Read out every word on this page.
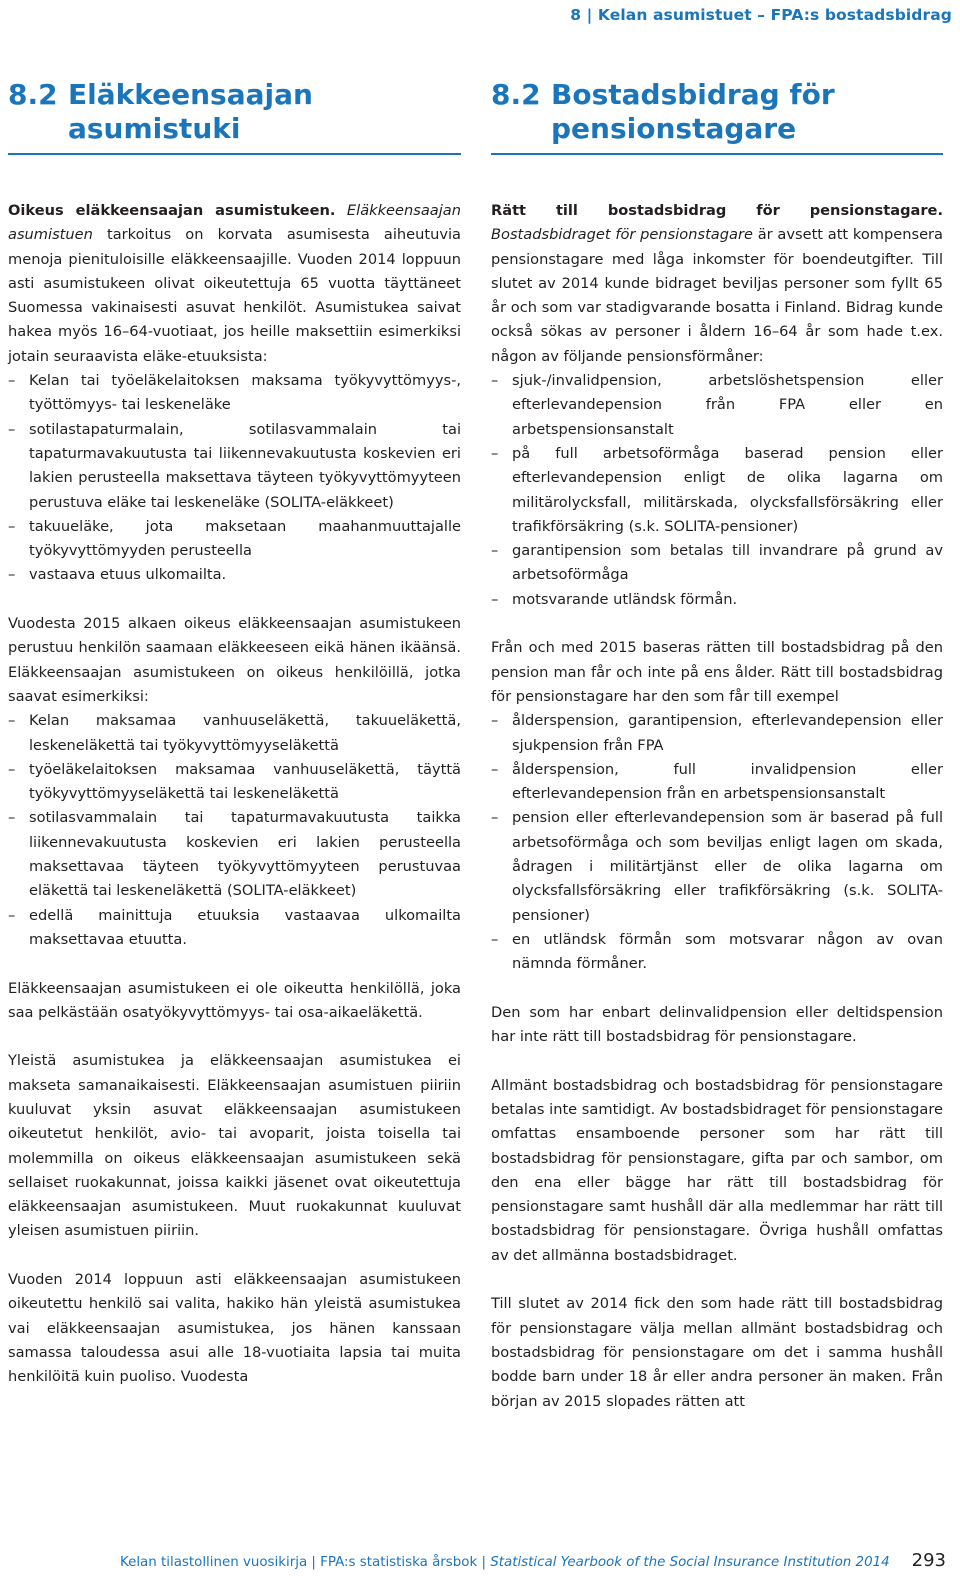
8 | Kelan asumistuet – FPA:s bostadsbidrag
8.2 Eläkkeensaajan asumistuki

Oikeus eläkkeensaajan asumistukeen. Eläkkeensaajan asumistuen tarkoitus on korvata asumisesta aiheutuvia menoja pienituloisille eläkkeensaajille. Vuoden 2014 loppuun asti asumistukeen olivat oikeutettuja 65 vuotta täyttäneet Suomessa vakinaisesti asuvat henkilöt. Asumistukea saivat hakea myös 16–64-vuotiaat, jos heille maksettiin esimerkiksi jotain seuraavista eläke-etuuksista:

– Kelan tai työeläkelaitoksen maksama työkyvyttömyys-, työttömyys- tai leskeneläke
– sotilastapaturmalain, sotilasvammalain tai tapaturmavakuutusta tai liikennevakuutusta koskevien eri lakien perusteella maksettava täyteen työkyvyttömyyteen perustuva eläke tai leskeneläke (SOLITA-eläkkeet)
– takuueläke, jota maksetaan maahanmuuttajalle työkyvyttömyyden perusteella
– vastaava etuus ulkomailta.

Vuodesta 2015 alkaen oikeus eläkkeensaajan asumistukeen perustuu henkilön saamaan eläkkeeseen eikä hänen ikäänsä. Eläkkeensaajan asumistukeen on oikeus henkilöillä, jotka saavat esimerkiksi:

– Kelan maksamaa vanhuuseläkettä, takuueläkettä, leskeneläkettä tai työkyvyttömyyseläkettä
– työeläkelaitoksen maksamaa vanhuuseläkettä, täyttä työkyvyttömyyseläkettä tai leskeneläkettä
– sotilasvammalain tai tapaturmavakuutusta taikka liikennevakuutusta koskevien eri lakien perusteella maksettavaa täyteen työkyvyttömyyteen perustuvaa eläkettä tai leskeneläkettä (SOLITA-eläkkeet)
– edellä mainittuja etuuksia vastaavaa ulkomailta maksettavaa etuutta.

Eläkkeensaajan asumistukeen ei ole oikeutta henkilöllä, joka saa pelkästään osatyökyvyttömyys- tai osa-aikaeläkettä.

Yleistä asumistukea ja eläkkeensaajan asumistukea ei makseta samanaikaisesti. Eläkkeensaajan asumistuen piiriin kuuluvat yksin asuvat eläkkeensaajan asumistukeen oikeutetut henkilöt, avio- tai avoparit, joista toisella tai molemmilla on oikeus eläkkeensaajan asumistukeen sekä sellaiset ruokakunnat, joissa kaikki jäsenet ovat oikeutettuja eläkkeensaajan asumistukeen. Muut ruokakunnat kuuluvat yleisen asumistuen piiriin.

Vuoden 2014 loppuun asti eläkkeensaajan asumistukeen oikeutettu henkilö sai valita, hakiko hän yleistä asumistukea vai eläkkeensaajan asumistukea, jos hänen kanssaan samassa taloudessa asui alle 18-vuotiaita lapsia tai muita henkilöitä kuin puoliso. Vuodesta

8.2 Bostadsbidrag för pensionstagare

Rätt till bostadsbidrag för pensionstagare. Bostadsbidraget för pensionstagare är avsett att kompensera pensionstagare med låga inkomster för boendeutgifter. Till slutet av 2014 kunde bidraget beviljas personer som fyllt 65 år och som var stadigvarande bosatta i Finland. Bidrag kunde också sökas av personer i åldern 16–64 år som hade t.ex. någon av följande pensionsförmåner:

– sjuk-/invalidpension, arbetslöshetspension eller efterlevandepension från FPA eller en arbetspensionsanstalt
– på full arbetsoförmåga baserad pension eller efterlevandepension enligt de olika lagarna om militärolycksfall, militärskada, olycksfallsförsäkring eller trafikförsäkring (s.k. SOLITA-pensioner)
– garantipension som betalas till invandrare på grund av arbetsoförmåga
– motsvarande utländsk förmån.

Från och med 2015 baseras rätten till bostadsbidrag på den pension man får och inte på ens ålder. Rätt till bostadsbidrag för pensionstagare har den som får till exempel

– ålderspension, garantipension, efterlevandepension eller sjukpension från FPA
– ålderspension, full invalidpension eller efterlevandepension från en arbetspensionsanstalt
– pension eller efterlevandepension som är baserad på full arbetsoförmåga och som beviljas enligt lagen om skada, ådragen i militärtjänst eller de olika lagarna om olycksfallsförsäkring eller trafikförsäkring (s.k. SOLITA-pensioner)
– en utländsk förmån som motsvarar någon av ovan nämnda förmåner.

Den som har enbart delinvalidpension eller deltidspension har inte rätt till bostadsbidrag för pensionstagare.

Allmänt bostadsbidrag och bostadsbidrag för pensionstagare betalas inte samtidigt. Av bostadsbidraget för pensionstagare omfattas ensamboende personer som har rätt till bostadsbidrag för pensionstagare, gifta par och sambor, om den ena eller bägge har rätt till bostadsbidrag för pensionstagare samt hushåll där alla medlemmar har rätt till bostadsbidrag för pensionstagare. Övriga hushåll omfattas av det allmänna bostadsbidraget.

Till slutet av 2014 fick den som hade rätt till bostadsbidrag för pensionstagare välja mellan allmänt bostadsbidrag och bostadsbidrag för pensionstagare om det i samma hushåll bodde barn under 18 år eller andra personer än maken. Från början av 2015 slopades rätten att

Kelan tilastollinen vuosikirja | FPA:s statistiska årsbok | Statistical Yearbook of the Social Insurance Institution 2014 293
